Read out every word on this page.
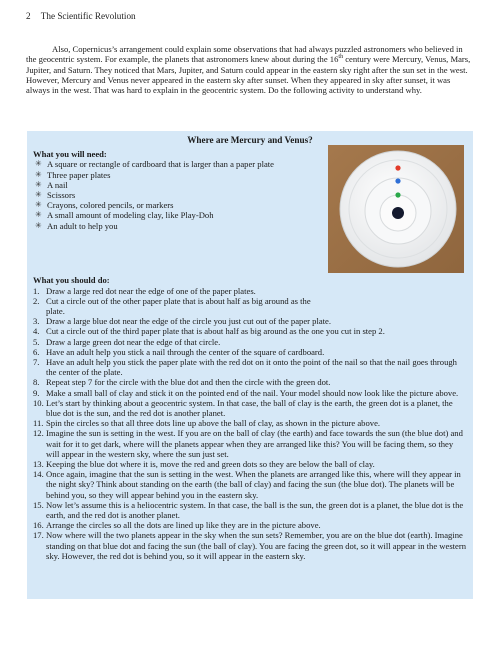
2 The Scientific Revolution

Also, Copernicus’s arrangement could explain some observations that had always puzzled astronomers who believed in the geocentric system. For example, the planets that astronomers knew about during the 16th century were Mercury, Venus, Mars, Jupiter, and Saturn. They noticed that Mars, Jupiter, and Saturn could appear in the eastern sky right after the sun set in the west. However, Mercury and Venus never appeared in the eastern sky after sunset. When they appeared in sky after sunset, it was always in the west. That was hard to explain in the geocentric system. Do the following activity to understand why.

Where are Mercury and Venus?
What you will need:
✳ A square or rectangle of cardboard that is larger than a paper plate
✳ Three paper plates
✳ A nail
✳ Scissors
✳ Crayons, colored pencils, or markers
✳ A small amount of modeling clay, like Play-Doh
✳ An adult to help you
What you should do:
1. Draw a large red dot near the edge of one of the paper plates.
2. Cut a circle out of the other paper plate that is about half as big around as the plate.
3. Draw a large blue dot near the edge of the circle you just cut out of the paper plate.
4. Cut a circle out of the third paper plate that is about half as big around as the one you cut in step 2.
5. Draw a large green dot near the edge of that circle.
6. Have an adult help you stick a nail through the center of the square of cardboard.
7. Have an adult help you stick the paper plate with the red dot on it onto the point of the nail so that the nail goes through the center of the plate.
8. Repeat step 7 for the circle with the blue dot and then the circle with the green dot.
9. Make a small ball of clay and stick it on the pointed end of the nail. Your model should now look like the picture above.
10. Let’s start by thinking about a geocentric system. In that case, the ball of clay is the earth, the green dot is a planet, the blue dot is the sun, and the red dot is another planet.
11. Spin the circles so that all three dots line up above the ball of clay, as shown in the picture above.
12. Imagine the sun is setting in the west. If you are on the ball of clay (the earth) and face towards the sun (the blue dot) and wait for it to get dark, where will the planets appear when they are arranged like this? You will be facing them, so they will appear in the western sky, where the sun just set.
13. Keeping the blue dot where it is, move the red and green dots so they are below the ball of clay.
14. Once again, imagine that the sun is setting in the west. When the planets are arranged like this, where will they appear in the night sky? Think about standing on the earth (the ball of clay) and facing the sun (the blue dot). The planets will be behind you, so they will appear behind you in the eastern sky.
15. Now let’s assume this is a heliocentric system. In that case, the ball is the sun, the green dot is a planet, the blue dot is the earth, and the red dot is another planet.
16. Arrange the circles so all the dots are lined up like they are in the picture above.
17. Now where will the two planets appear in the sky when the sun sets? Remember, you are on the blue dot (earth). Imagine standing on that blue dot and facing the sun (the ball of clay). You are facing the green dot, so it will appear in the western sky. However, the red dot is behind you, so it will appear in the eastern sky.
